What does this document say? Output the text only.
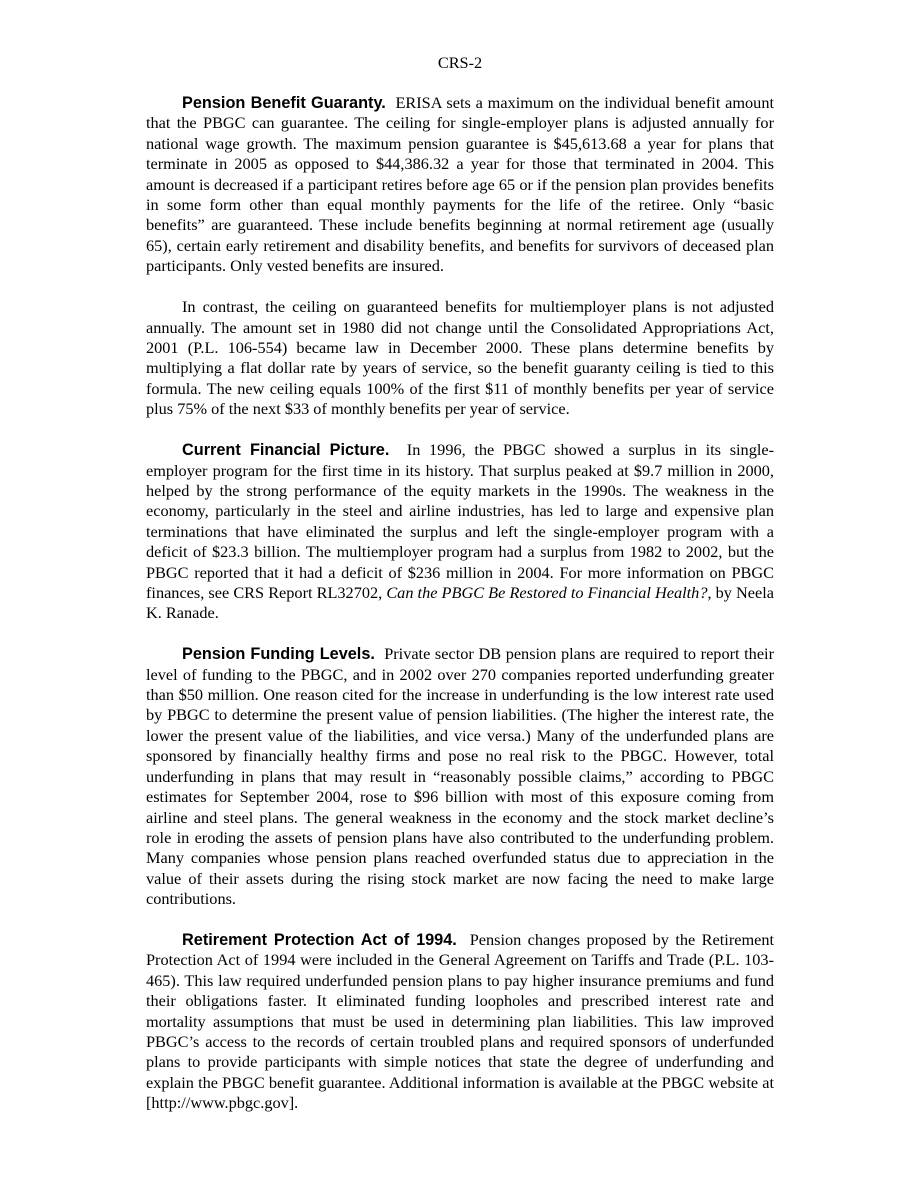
CRS-2

Pension Benefit Guaranty. ERISA sets a maximum on the individual benefit amount that the PBGC can guarantee. The ceiling for single-employer plans is adjusted annually for national wage growth. The maximum pension guarantee is $45,613.68 a year for plans that terminate in 2005 as opposed to $44,386.32 a year for those that terminated in 2004. This amount is decreased if a participant retires before age 65 or if the pension plan provides benefits in some form other than equal monthly payments for the life of the retiree. Only “basic benefits” are guaranteed. These include benefits beginning at normal retirement age (usually 65), certain early retirement and disability benefits, and benefits for survivors of deceased plan participants. Only vested benefits are insured.

In contrast, the ceiling on guaranteed benefits for multiemployer plans is not adjusted annually. The amount set in 1980 did not change until the Consolidated Appropriations Act, 2001 (P.L. 106-554) became law in December 2000. These plans determine benefits by multiplying a flat dollar rate by years of service, so the benefit guaranty ceiling is tied to this formula. The new ceiling equals 100% of the first $11 of monthly benefits per year of service plus 75% of the next $33 of monthly benefits per year of service.

Current Financial Picture. In 1996, the PBGC showed a surplus in its single-employer program for the first time in its history. That surplus peaked at $9.7 million in 2000, helped by the strong performance of the equity markets in the 1990s. The weakness in the economy, particularly in the steel and airline industries, has led to large and expensive plan terminations that have eliminated the surplus and left the single-employer program with a deficit of $23.3 billion. The multiemployer program had a surplus from 1982 to 2002, but the PBGC reported that it had a deficit of $236 million in 2004. For more information on PBGC finances, see CRS Report RL32702, Can the PBGC Be Restored to Financial Health?, by Neela K. Ranade.

Pension Funding Levels. Private sector DB pension plans are required to report their level of funding to the PBGC, and in 2002 over 270 companies reported underfunding greater than $50 million. One reason cited for the increase in underfunding is the low interest rate used by PBGC to determine the present value of pension liabilities. (The higher the interest rate, the lower the present value of the liabilities, and vice versa.) Many of the underfunded plans are sponsored by financially healthy firms and pose no real risk to the PBGC. However, total underfunding in plans that may result in “reasonably possible claims,” according to PBGC estimates for September 2004, rose to $96 billion with most of this exposure coming from airline and steel plans. The general weakness in the economy and the stock market decline’s role in eroding the assets of pension plans have also contributed to the underfunding problem. Many companies whose pension plans reached overfunded status due to appreciation in the value of their assets during the rising stock market are now facing the need to make large contributions.

Retirement Protection Act of 1994. Pension changes proposed by the Retirement Protection Act of 1994 were included in the General Agreement on Tariffs and Trade (P.L. 103-465). This law required underfunded pension plans to pay higher insurance premiums and fund their obligations faster. It eliminated funding loopholes and prescribed interest rate and mortality assumptions that must be used in determining plan liabilities. This law improved PBGC’s access to the records of certain troubled plans and required sponsors of underfunded plans to provide participants with simple notices that state the degree of underfunding and explain the PBGC benefit guarantee. Additional information is available at the PBGC website at [http://www.pbgc.gov].
